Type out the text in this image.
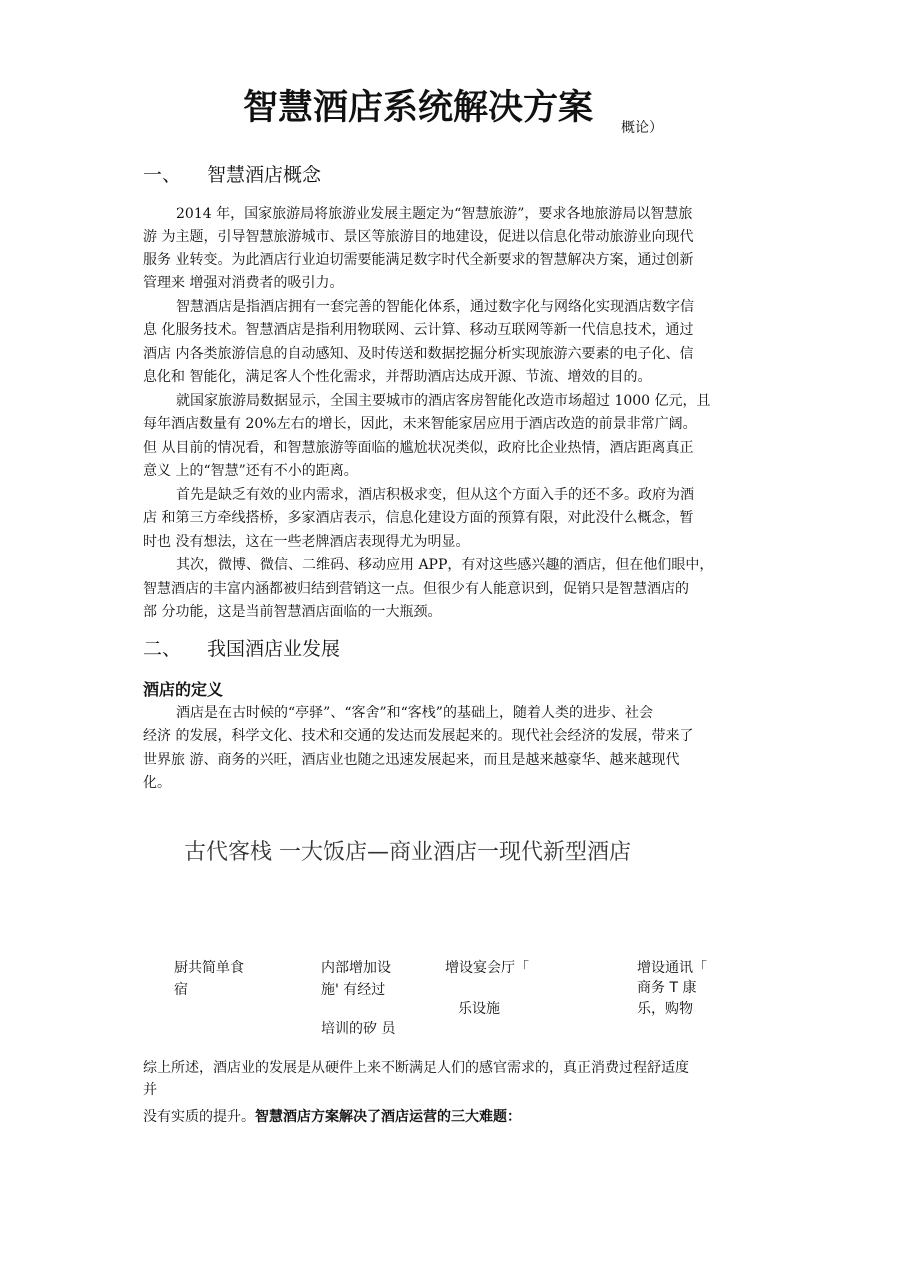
智慧酒店系统解决方案 概论）
一、 智慧酒店概念
2014 年，国家旅游局将旅游业发展主题定为“智慧旅游”，要求各地旅游局以智慧旅
游 为主题，引导智慧旅游城市、景区等旅游目的地建设，促进以信息化带动旅游业向现代
服务 业转变。为此酒店行业迫切需要能满足数字时代全新要求的智慧解决方案，通过创新
管理来 增强对消费者的吸引力。
智慧酒店是指酒店拥有一套完善的智能化体系，通过数字化与网络化实现酒店数字信
息 化服务技术。智慧酒店是指利用物联网、云计算、移动互联网等新一代信息技术，通过
酒店 内各类旅游信息的自动感知、及时传送和数据挖掘分析实现旅游六要素的电子化、信
息化和 智能化，满足客人个性化需求，并帮助酒店达成开源、节流、增效的目的。
就国家旅游局数据显示，全国主要城市的酒店客房智能化改造市场超过 1000 亿元，且
每年酒店数量有 20%左右的增长，因此，未来智能家居应用于酒店改造的前景非常广阔。
但 从目前的情况看，和智慧旅游等面临的尴尬状况类似，政府比企业热情，酒店距离真正
意义 上的“智慧”还有不小的距离。
首先是缺乏有效的业内需求，酒店积极求变，但从这个方面入手的还不多。政府为酒
店 和第三方牵线搭桥，多家酒店表示，信息化建设方面的预算有限，对此没什么概念，暂
时也 没有想法，这在一些老牌酒店表现得尤为明显。
其次，微博、微信、二维码、移动应用 APP，有对这些感兴趣的酒店，但在他们眼中，
智慧酒店的丰富内涵都被归结到营销这一点。但很少有人能意识到，促销只是智慧酒店的
部 分功能，这是当前智慧酒店面临的一大瓶颈。
二、 我国酒店业发展
酒店的定义
酒店是在古时候的“亭驿”、“客舍”和“客栈”的基础上，随着人类的进步、社会
经济 的发展，科学文化、技术和交通的发达而发展起来的。现代社会经济的发展，带来了
世界旅 游、商务的兴旺，酒店业也随之迅速发展起来，而且是越来越豪华、越来越现代
化。
古代客栈 一大饭店—商业酒店一现代新型酒店
厨共简单食
宿
内部增加设
施' 有经过
培训的矽 员
增设宴会厅「
乐设施
增设通讯「
商务 T 康
乐，购物
综上所述，酒店业的发展是从硬件上来不断满足人们的感官需求的，真正消费过程舒适度
并
没有实质的提升。智慧酒店方案解决了酒店运营的三大难题：
